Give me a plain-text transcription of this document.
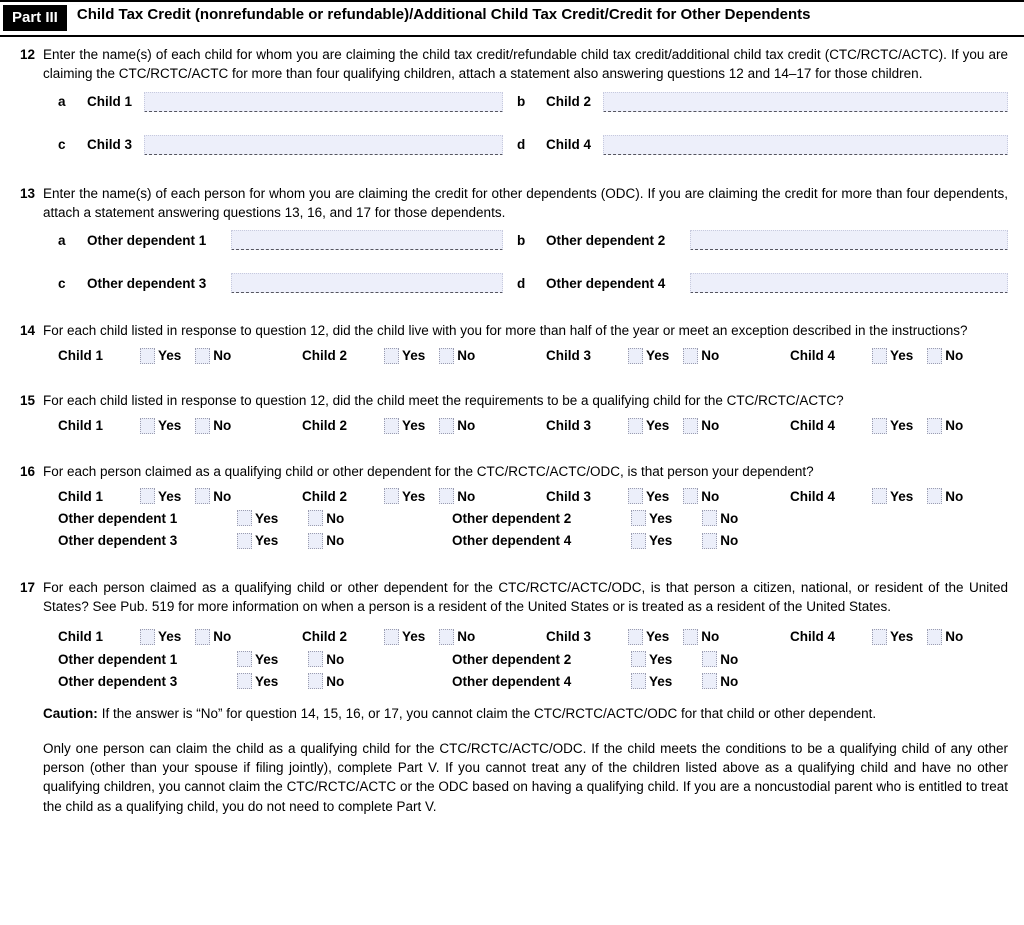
Part III	Child Tax Credit (nonrefundable or refundable)/Additional Child Tax Credit/Credit for Other Dependents
12 Enter the name(s) of each child for whom you are claiming the child tax credit/refundable child tax credit/additional child tax credit (CTC/RCTC/ACTC). If you are claiming the CTC/RCTC/ACTC for more than four qualifying children, attach a statement also answering questions 12 and 14–17 for those children.

a	Child 1	b	Child 2
c	Child 3	d	Child 4
13 Enter the name(s) of each person for whom you are claiming the credit for other dependents (ODC). If you are claiming the credit for more than four dependents, attach a statement answering questions 13, 16, and 17 for those dependents.

a	Other dependent 1	b	Other dependent 2
c	Other dependent 3	d	Other dependent 4
14 For each child listed in response to question 12, did the child live with you for more than half of the year or meet an exception described in the instructions?

Child 1	Yes No	Child 2	Yes No	Child 3	Yes No	Child 4	Yes No
15 For each child listed in response to question 12, did the child meet the requirements to be a qualifying child for the CTC/RCTC/ACTC?

Child 1	Yes No	Child 2	Yes No	Child 3	Yes No	Child 4	Yes No
16 For each person claimed as a qualifying child or other dependent for the CTC/RCTC/ACTC/ODC, is that person your dependent?

Child 1	Yes No	Child 2	Yes No	Child 3	Yes No	Child 4	Yes No
Other dependent 1	Yes	No	Other dependent 2	Yes	No
Other dependent 3	Yes	No	Other dependent 4	Yes	No
17 For each person claimed as a qualifying child or other dependent for the CTC/RCTC/ACTC/ODC, is that person a citizen, national, or resident of the United States? See Pub. 519 for more information on when a person is a resident of the United States or is treated as a resident of the United States.

Child 1	Yes No	Child 2	Yes No	Child 3	Yes No	Child 4	Yes No
Other dependent 1	Yes	No	Other dependent 2	Yes	No
Other dependent 3	Yes	No	Other dependent 4	Yes	No

Caution: If the answer is “No” for question 14, 15, 16, or 17, you cannot claim the CTC/RCTC/ACTC/ODC for that child or other dependent.

Only one person can claim the child as a qualifying child for the CTC/RCTC/ACTC/ODC. If the child meets the conditions to be a qualifying child of any other person (other than your spouse if filing jointly), complete Part V. If you cannot treat any of the children listed above as a qualifying child and have no other qualifying children, you cannot claim the CTC/RCTC/ACTC or the ODC based on having a qualifying child. If you are a noncustodial parent who is entitled to treat the child as a qualifying child, you do not need to complete Part V.
